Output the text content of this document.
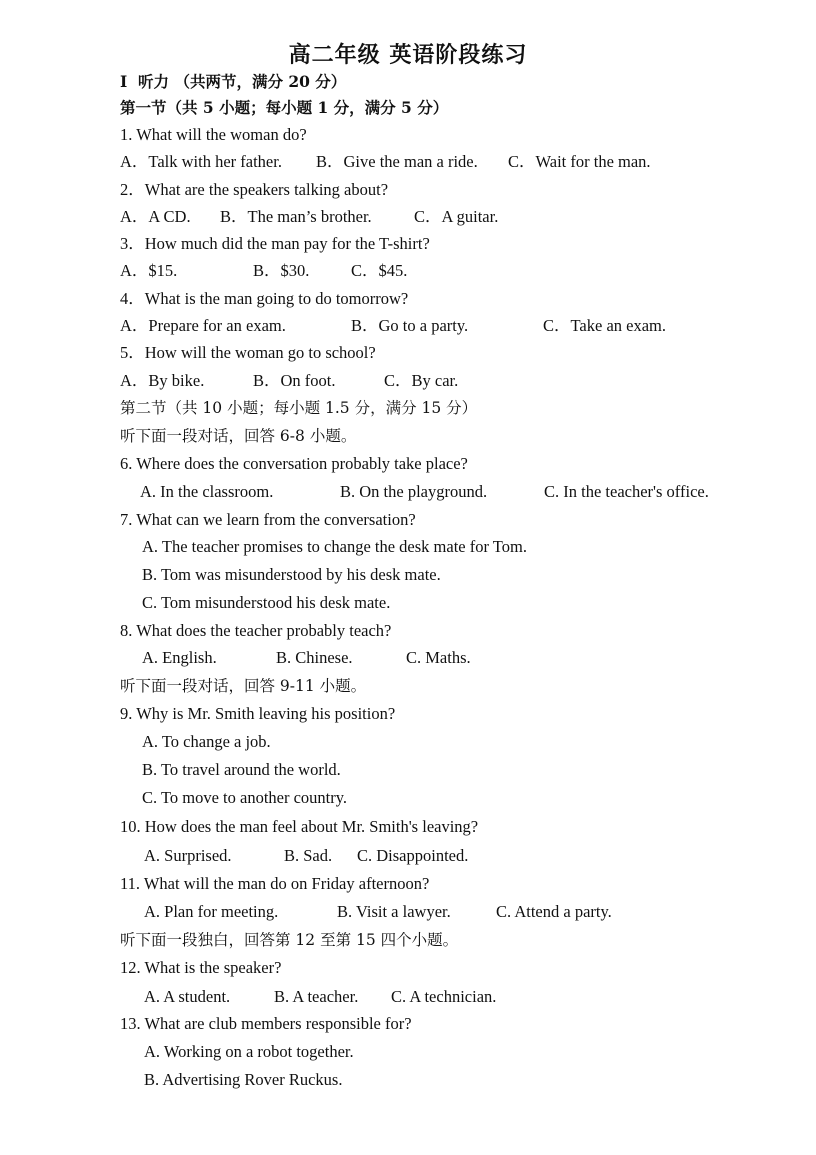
高二年级 英语阶段练习
I  听力 （共两节，满分 20 分）
第一节（共 5 小题；每小题 1 分，满分 5 分）
1. What will the woman do?
A．Talk with her father. B．Give the man a ride. C．Wait for the man.
2．What are the speakers talking about?
A．A CD. B．The man’s brother.	C．A guitar.
3．How much did the man pay for the T-shirt?
A．$15.	B．$30.	C．$45.
4．What is the man going to do tomorrow?
A．Prepare for an exam.	B．Go to a party.	C．Take an exam.
5．How will the woman go to school?
A．By bike.	B．On foot.	C．By car.
第二节（共 10 小题；每小题 1.5 分，满分 15 分）
听下面一段对话，回答 6-8 小题。
6. Where does the conversation probably take place?
A. In the classroom.	B. On the playground.	C. In the teacher's office.
7. What can we learn from the conversation?
A. The teacher promises to change the desk mate for Tom.
B. Tom was misunderstood by his desk mate.
C. Tom misunderstood his desk mate.
8. What does the teacher probably teach?
A. English.	B. Chinese.	C. Maths.
听下面一段对话，回答 9-11 小题。
9. Why is Mr. Smith leaving his position?
A. To change a job.
B. To travel around the world.
C. To move to another country.
10. How does the man feel about Mr. Smith's leaving?
A. Surprised.	B. Sad. C. Disappointed.
11. What will the man do on Friday afternoon?
A. Plan for meeting.	B. Visit a lawyer.	C. Attend a party.
听下面一段独白，回答第 12 至第 15 四个小题。
12. What is the speaker?
A. A student.	B. A teacher. C. A technician.
13. What are club members responsible for?
A. Working on a robot together.
B. Advertising Rover Ruckus.
